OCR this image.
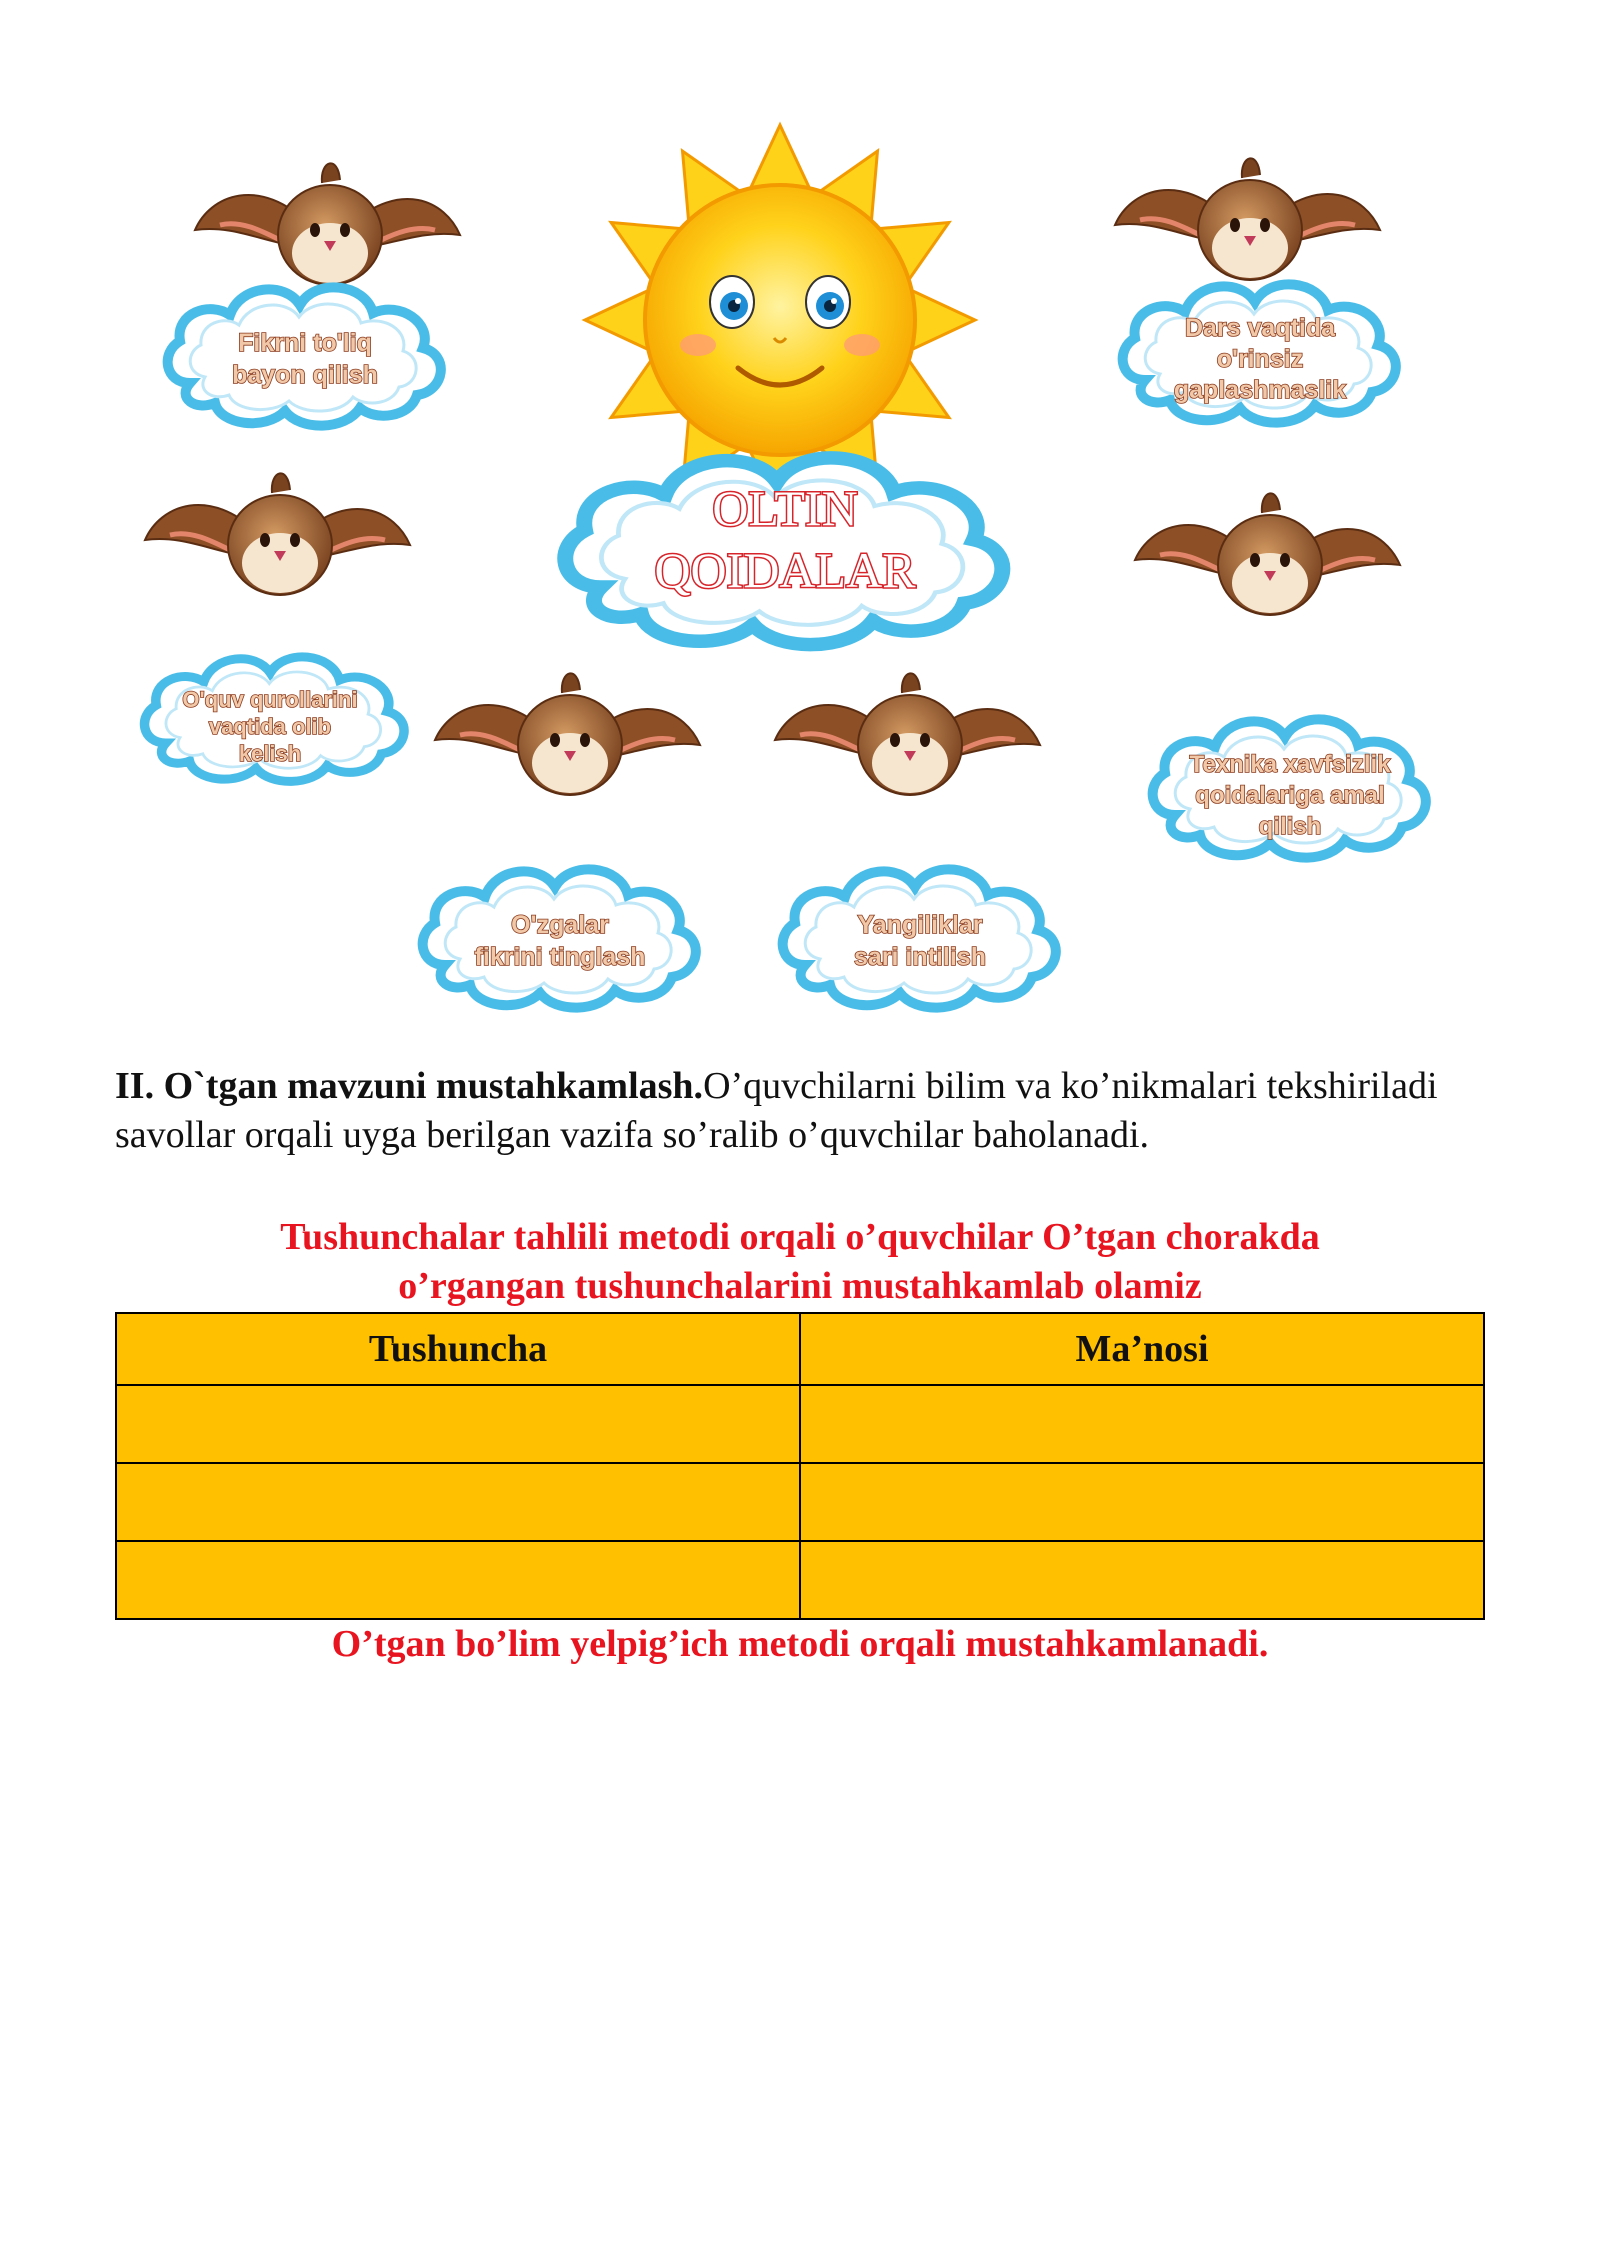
OLTIN
QOIDALAR
Fikrni to'liq
bayon qilish
Dars vaqtida
o'rinsiz
gaplashmaslik
O'quv qurollarini
vaqtida olib
kelish	Texnika xavfsizlik
qoidalariga amal
qilish
O'zgalar
fikrini tinglash
Yangiliklar
sari intilish
II. O`tgan mavzuni mustahkamlash.O’quvchilarni bilim va ko’nikmalari tekshiriladi savollar orqali uyga berilgan vazifa so’ralib o’quvchilar baholanadi.
Tushunchalar tahlili metodi orqali o’quvchilar O’tgan chorakda
o’rgangan tushunchalarini mustahkamlab olamiz
Tushuncha	Ma’nosi

O’tgan bo’lim yelpig’ich metodi orqali mustahkamlanadi.
